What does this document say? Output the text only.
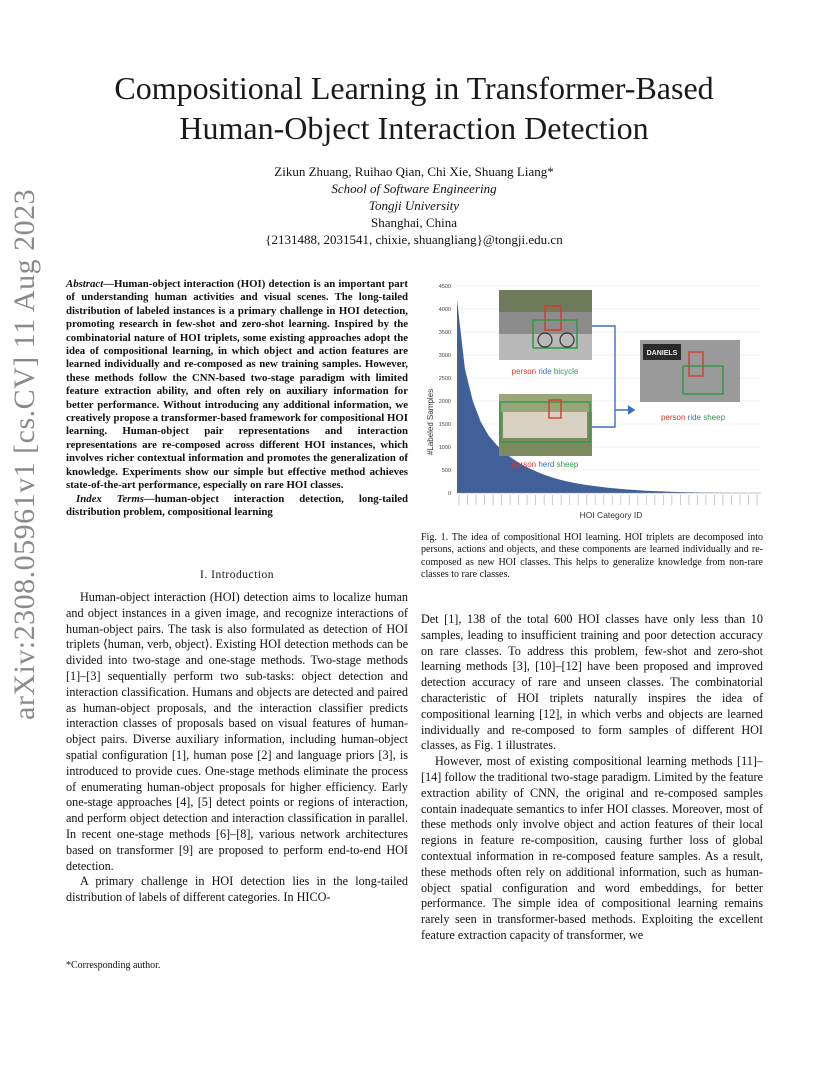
arXiv:2308.05961v1 [cs.CV] 11 Aug 2023
Compositional Learning in Transformer-Based
Human-Object Interaction Detection
Zikun Zhuang, Ruihao Qian, Chi Xie, Shuang Liang*
School of Software Engineering
Tongji University
Shanghai, China
{2131488, 2031541, chixie, shuangliang}@tongji.edu.cn
Abstract—Human-object interaction (HOI) detection is an important part of understanding human activities and visual scenes. The long-tailed distribution of labeled instances is a primary challenge in HOI detection, promoting research in few-shot and zero-shot learning. Inspired by the combinatorial nature of HOI triplets, some existing approaches adopt the idea of compositional learning, in which object and action features are learned individually and re-composed as new training samples. However, these methods follow the CNN-based two-stage paradigm with limited feature extraction ability, and often rely on auxiliary information for better performance. Without introducing any additional information, we creatively propose a transformer-based framework for compositional HOI learning. Human-object pair representations and interaction representations are re-composed across different HOI instances, which involves richer contextual information and promotes the generalization of knowledge. Experiments show our simple but effective method achieves state-of-the-art performance, especially on rare HOI classes.
Index Terms—human-object interaction detection, long-tailed distribution problem, compositional learning
I. Introduction

Human-object interaction (HOI) detection aims to localize human and object instances in a given image, and recognize interactions of human-object pairs. The task is also formulated as detection of HOI triplets ⟨human, verb, object⟩. Existing HOI detection methods can be divided into two-stage and one-stage methods. Two-stage methods [1]–[3] sequentially perform two sub-tasks: object detection and interaction classification. Humans and objects are detected and paired as human-object proposals, and the interaction classifier predicts interaction classes of proposals based on visual features of human-object pairs. Diverse auxiliary information, including human-object spatial configuration [1], human pose [2] and language priors [3], is introduced to provide cues. One-stage methods eliminate the process of enumerating human-object proposals for higher efficiency. Early one-stage approaches [4], [5] detect points or regions of interaction, and perform object detection and interaction classification in parallel. In recent one-stage methods [6]–[8], various network architectures based on transformer [9] are proposed to perform end-to-end HOI detection.

A primary challenge in HOI detection lies in the long-tailed distribution of labels of different categories. In HICO-

*Corresponding author.
0
500
1000
1500
2000
2500
3000
3500
4000
4500
HOI Category ID
#Labeled Samples
person ride bicycle
person herd sheep
DANIELS
person ride sheep
Fig. 1. The idea of compositional HOI learning. HOI triplets are decomposed into persons, actions and objects, and these components are learned individually and re-composed as new HOI classes. This helps to generalize knowledge from non-rare classes to rare classes.

Det [1], 138 of the total 600 HOI classes have only less than 10 samples, leading to insufficient training and poor detection accuracy on rare classes. To address this problem, few-shot and zero-shot learning methods [3], [10]–[12] have been proposed and improved detection accuracy of rare and unseen classes. The combinatorial characteristic of HOI triplets naturally inspires the idea of compositional learning [12], in which verbs and objects are learned individually and re-composed to form samples of different HOI classes, as Fig. 1 illustrates.

However, most of existing compositional learning methods [11]–[14] follow the traditional two-stage paradigm. Limited by the feature extraction ability of CNN, the original and re-composed samples contain inadequate semantics to infer HOI classes. Moreover, most of these methods only involve object and action features of their local regions in feature re-composition, causing further loss of global contextual information in re-composed feature samples. As a result, these methods often rely on additional information, such as human-object spatial configuration and word embeddings, for better performance. The simple idea of compositional learning remains rarely seen in transformer-based methods. Exploiting the excellent feature extraction capacity of transformer, we
